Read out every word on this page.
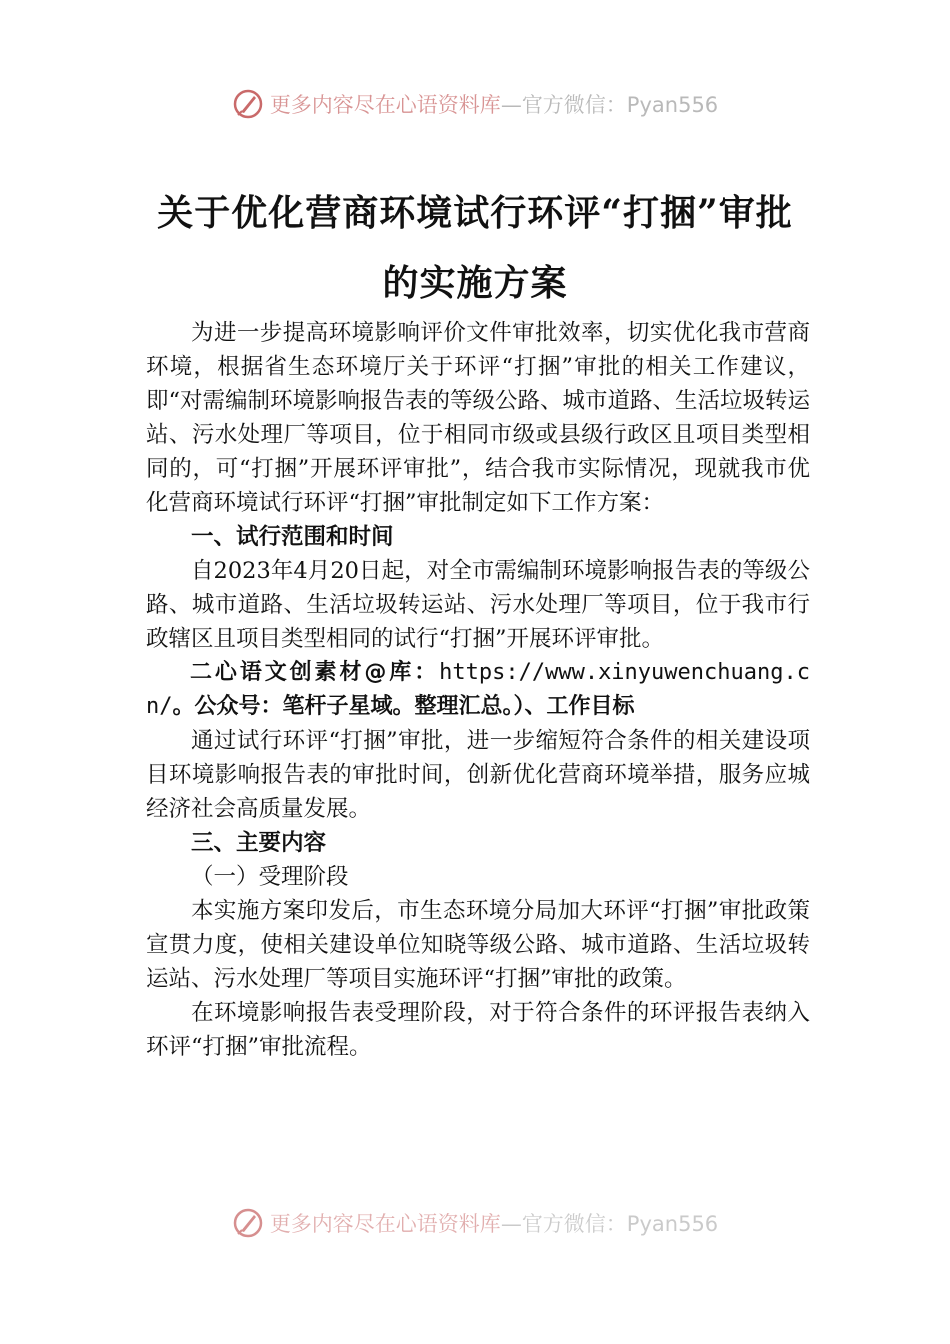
更多内容尽在心语资料库 —官方微信：Pyan556
关于优化营商环境试行环评“打捆”审批
的实施方案

为进一步提高环境影响评价文件审批效率，切实优化我市营商环境，根据省生态环境厅关于环评“打捆”审批的相关工作建议，即“对需编制环境影响报告表的等级公路、城市道路、生活垃圾转运站、污水处理厂等项目，位于相同市级或县级行政区且项目类型相同的，可“打捆”开展环评审批”，结合我市实际情况，现就我市优化营商环境试行环评“打捆”审批制定如下工作方案：

一、试行范围和时间

自2023年4月20日起，对全市需编制环境影响报告表的等级公路、城市道路、生活垃圾转运站、污水处理厂等项目，位于我市行政辖区且项目类型相同的试行“打捆”开展环评审批。

二心语文创素材@库：https://www.xinyuwenchuang.cn/。公众号：笔杆子星域。整理汇总。）、工作目标

通过试行环评“打捆”审批，进一步缩短符合条件的相关建设项目环境影响报告表的审批时间，创新优化营商环境举措，服务应城经济社会高质量发展。

三、主要内容

（一）受理阶段

本实施方案印发后，市生态环境分局加大环评“打捆”审批政策宣贯力度，使相关建设单位知晓等级公路、城市道路、生活垃圾转运站、污水处理厂等项目实施环评“打捆”审批的政策。

在环境影响报告表受理阶段，对于符合条件的环评报告表纳入环评“打捆”审批流程。

更多内容尽在心语资料库 —官方微信：Pyan556
